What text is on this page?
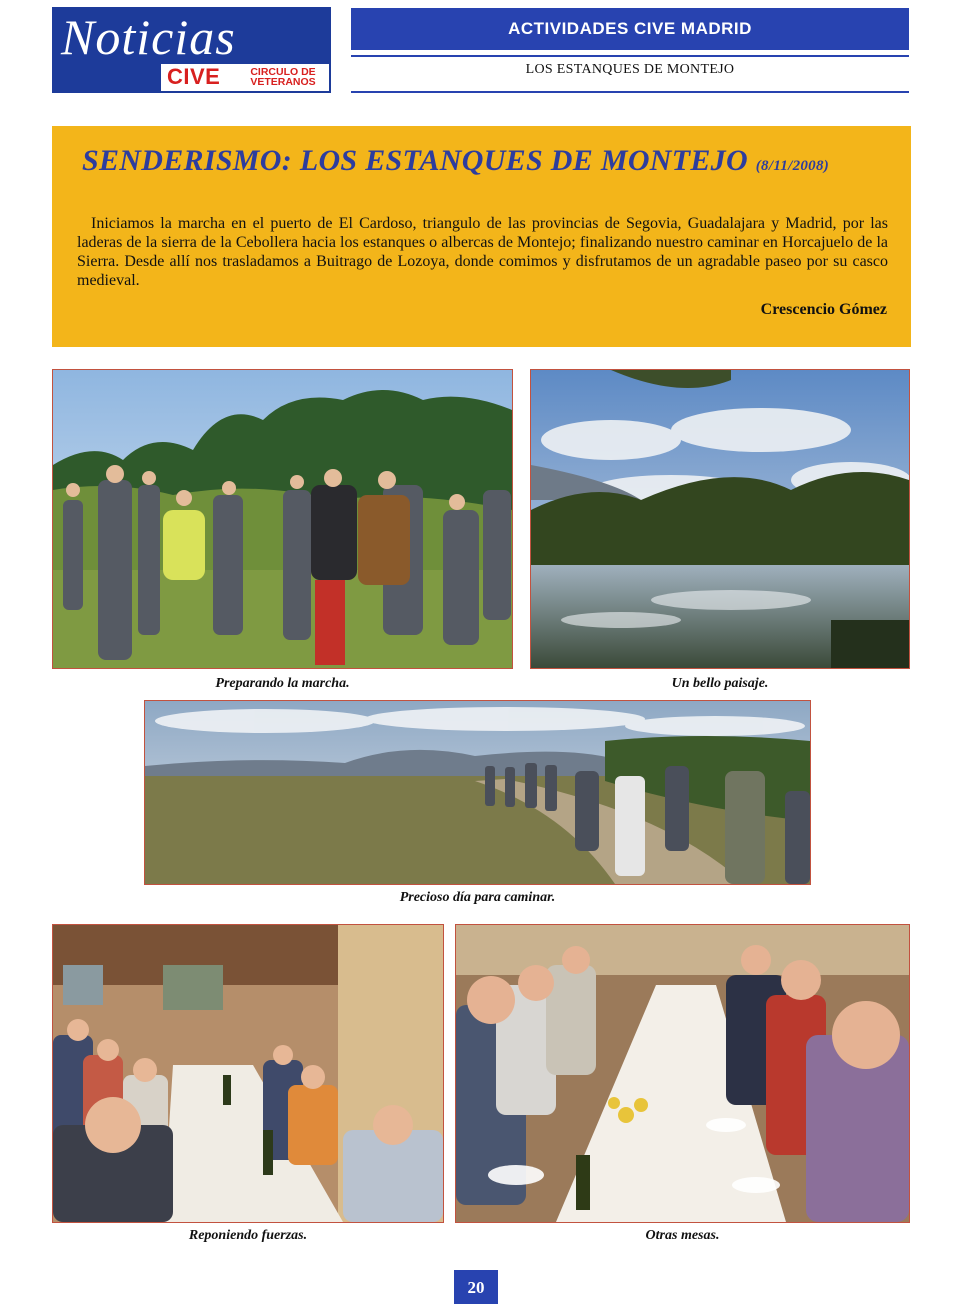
Noticias
CIVE	CIRCULO DE
VETERANOS
ACTIVIDADES CIVE MADRID
LOS ESTANQUES DE MONTEJO
SENDERISMO: LOS ESTANQUES DE MONTEJO (8/11/2008)
Iniciamos la marcha en el puerto de El Cardoso, triangulo de las provincias de Segovia, Guadalajara y Madrid, por las laderas de la sierra de la Cebollera hacia los estanques o albercas de Montejo; finalizando nuestro caminar en Horcajuelo de la Sierra. Desde allí nos trasladamos a Buitrago de Lozoya, donde comimos y disfrutamos de un agradable paseo por su casco medieval.
Crescencio Gómez
Preparando la marcha.	Un bello paisaje.
Precioso día para caminar.
Reponiendo fuerzas.	Otras mesas.
20
